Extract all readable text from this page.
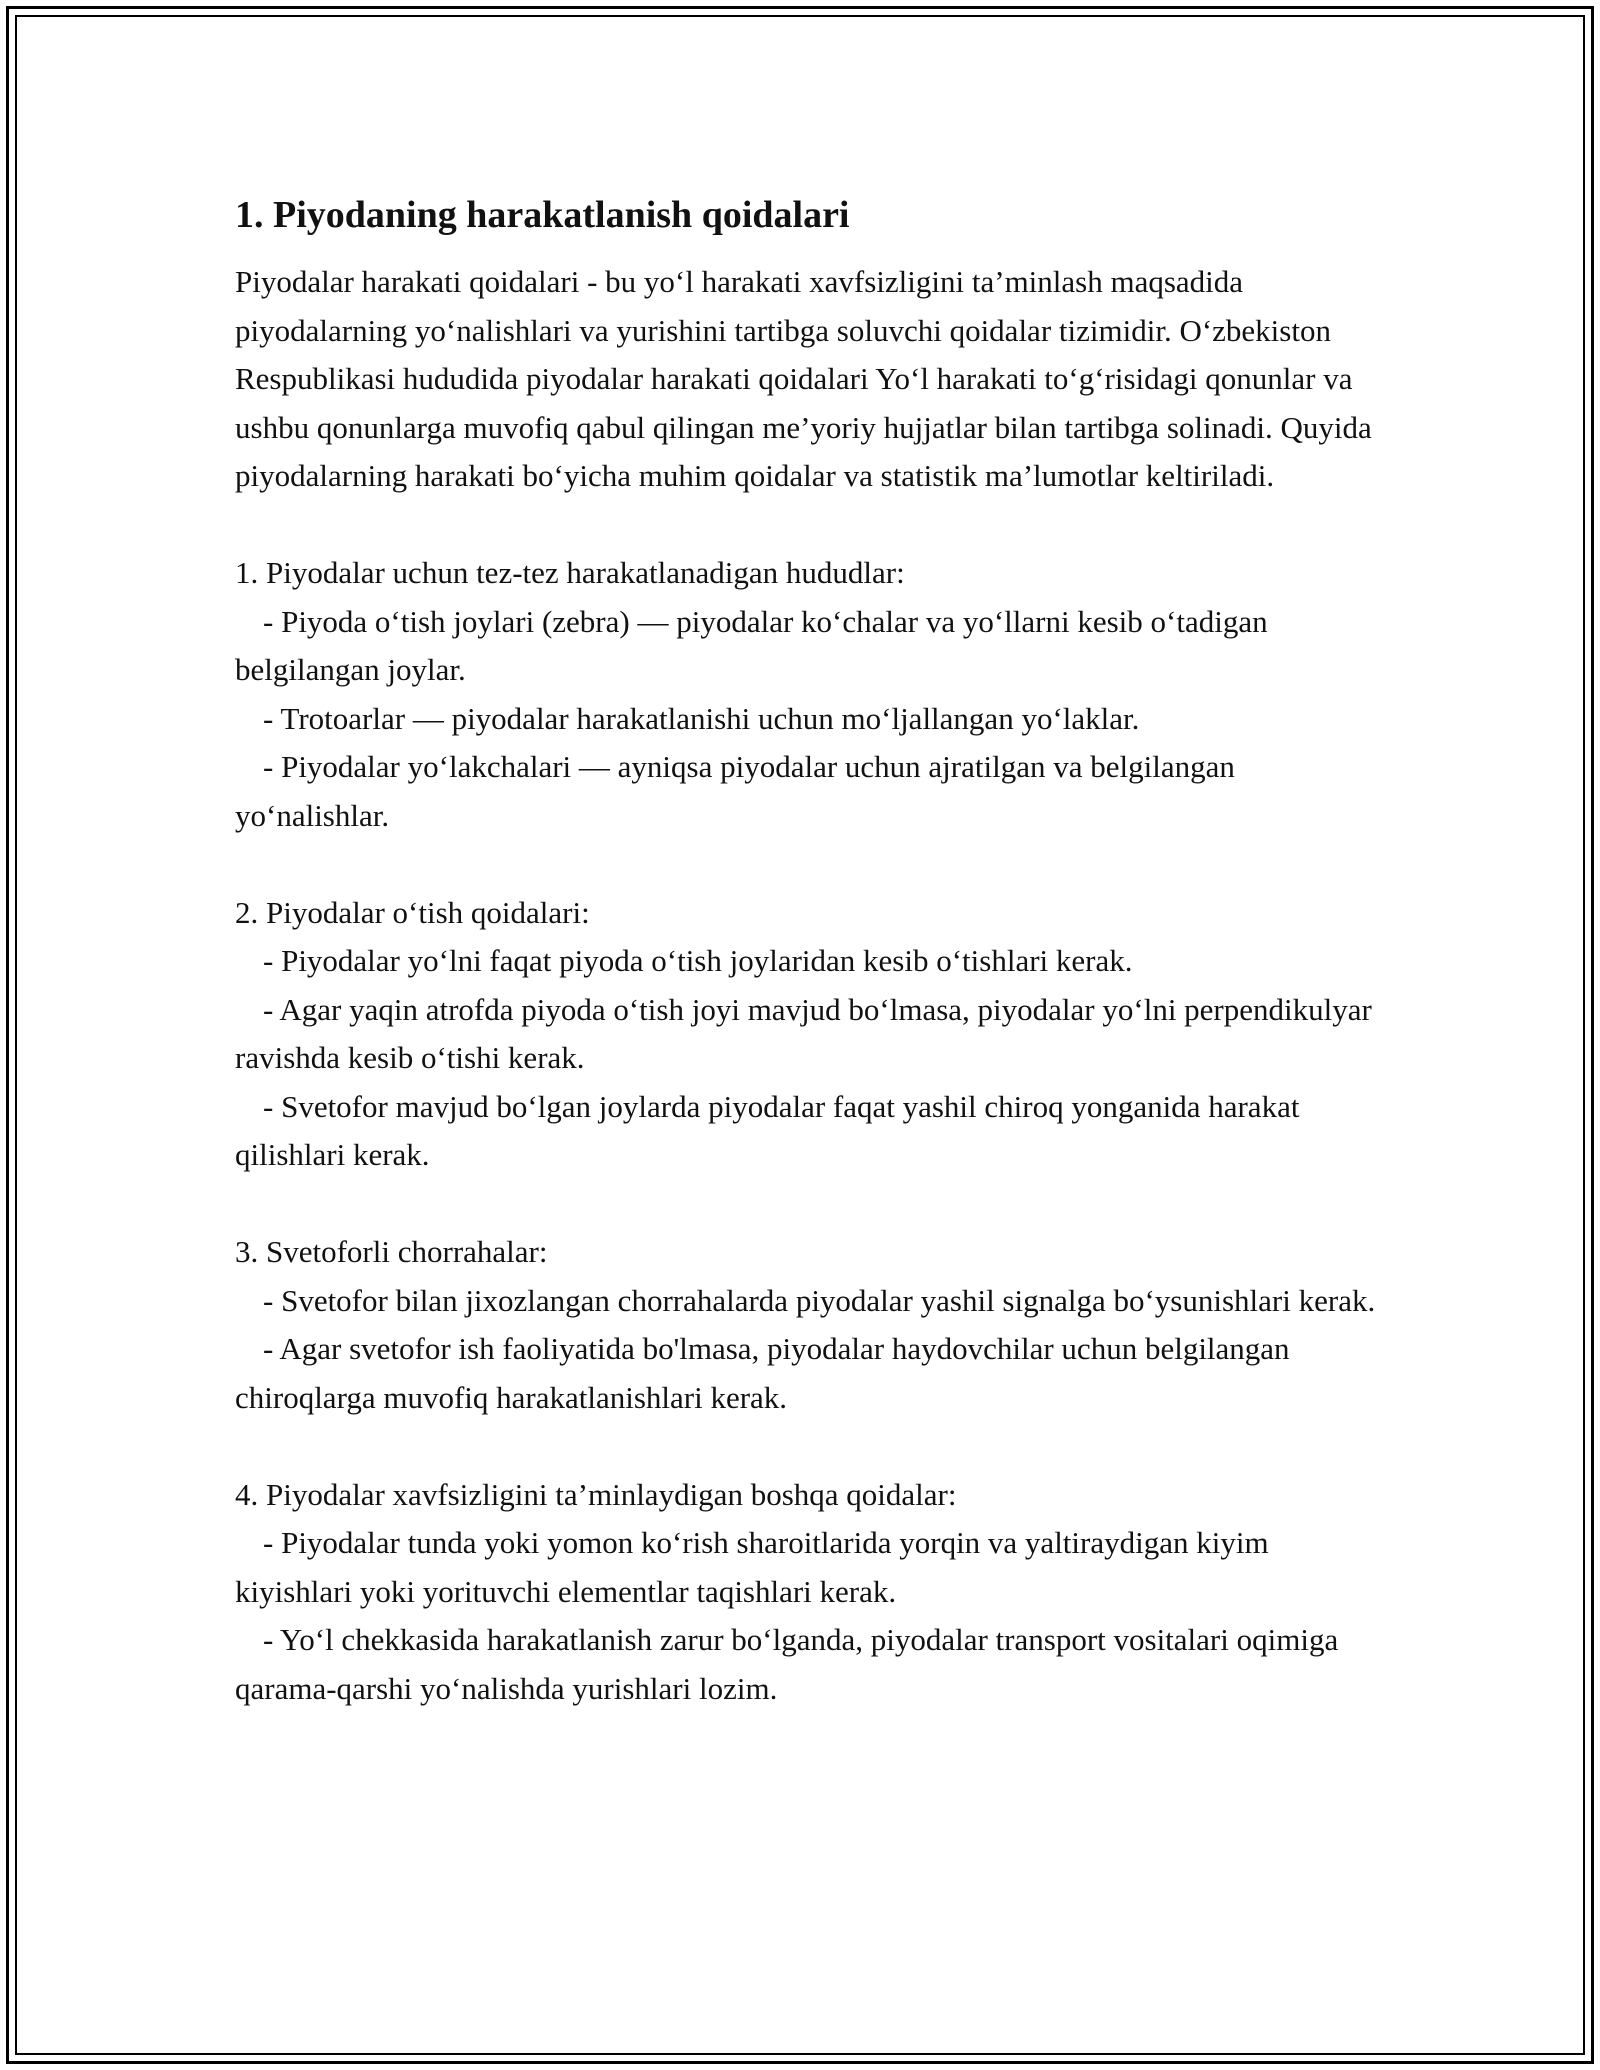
1. Piyodaning harakatlanish qoidalari

Piyodalar harakati qoidalari - bu yo‘l harakati xavfsizligini ta’minlash maqsadida piyodalarning yo‘nalishlari va yurishini tartibga soluvchi qoidalar tizimidir. O‘zbekiston Respublikasi hududida piyodalar harakati qoidalari Yo‘l harakati to‘g‘risidagi qonunlar va ushbu qonunlarga muvofiq qabul qilingan me’yoriy hujjatlar bilan tartibga solinadi. Quyida piyodalarning harakati bo‘yicha muhim qoidalar va statistik ma’lumotlar keltiriladi.

1. Piyodalar uchun tez-tez harakatlanadigan hududlar:

- Piyoda o‘tish joylari (zebra) — piyodalar ko‘chalar va yo‘llarni kesib o‘tadigan belgilangan joylar.

- Trotoarlar — piyodalar harakatlanishi uchun mo‘ljallangan yo‘laklar.

- Piyodalar yo‘lakchalari — ayniqsa piyodalar uchun ajratilgan va belgilangan yo‘nalishlar.

2. Piyodalar o‘tish qoidalari:

- Piyodalar yo‘lni faqat piyoda o‘tish joylaridan kesib o‘tishlari kerak.

- Agar yaqin atrofda piyoda o‘tish joyi mavjud bo‘lmasa, piyodalar yo‘lni perpendikulyar ravishda kesib o‘tishi kerak.

- Svetofor mavjud bo‘lgan joylarda piyodalar faqat yashil chiroq yonganida harakat qilishlari kerak.

3. Svetoforli chorrahalar:

- Svetofor bilan jixozlangan chorrahalarda piyodalar yashil signalga bo‘ysunishlari kerak.

- Agar svetofor ish faoliyatida bo'lmasa, piyodalar haydovchilar uchun belgilangan chiroqlarga muvofiq harakatlanishlari kerak.

4. Piyodalar xavfsizligini ta’minlaydigan boshqa qoidalar:

- Piyodalar tunda yoki yomon ko‘rish sharoitlarida yorqin va yaltiraydigan kiyim kiyishlari yoki yorituvchi elementlar taqishlari kerak.

- Yo‘l chekkasida harakatlanish zarur bo‘lganda, piyodalar transport vositalari oqimiga qarama-qarshi yo‘nalishda yurishlari lozim.
